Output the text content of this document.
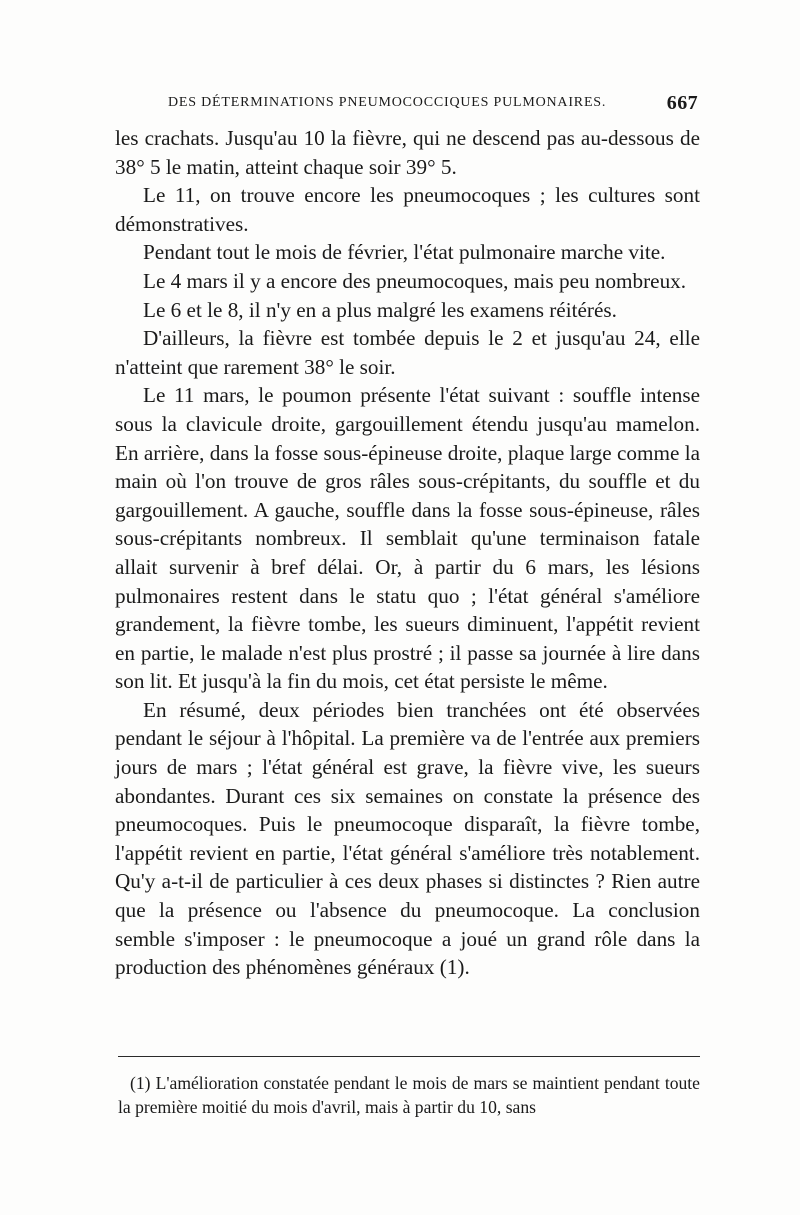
DES DÉTERMINATIONS PNEUMOCOCCIQUES PULMONAIRES.	667

les crachats. Jusqu'au 10 la fièvre, qui ne descend pas au-dessous de 38° 5 le matin, atteint chaque soir 39° 5.

Le 11, on trouve encore les pneumocoques ; les cultures sont démonstratives.

Pendant tout le mois de février, l'état pulmonaire marche vite.

Le 4 mars il y a encore des pneumocoques, mais peu nombreux.

Le 6 et le 8, il n'y en a plus malgré les examens réitérés.

D'ailleurs, la fièvre est tombée depuis le 2 et jusqu'au 24, elle n'atteint que rarement 38° le soir.

Le 11 mars, le poumon présente l'état suivant : souffle intense sous la clavicule droite, gargouillement étendu jusqu'au mamelon. En arrière, dans la fosse sous-épineuse droite, plaque large comme la main où l'on trouve de gros râles sous-crépitants, du souffle et du gargouillement. A gauche, souffle dans la fosse sous-épineuse, râles sous-crépitants nombreux. Il semblait qu'une terminaison fatale allait survenir à bref délai. Or, à partir du 6 mars, les lésions pulmonaires restent dans le statu quo ; l'état général s'améliore grandement, la fièvre tombe, les sueurs diminuent, l'appétit revient en partie, le malade n'est plus prostré ; il passe sa journée à lire dans son lit. Et jusqu'à la fin du mois, cet état persiste le même.

En résumé, deux périodes bien tranchées ont été observées pendant le séjour à l'hôpital. La première va de l'entrée aux premiers jours de mars ; l'état général est grave, la fièvre vive, les sueurs abondantes. Durant ces six semaines on constate la présence des pneumocoques. Puis le pneumocoque disparaît, la fièvre tombe, l'appétit revient en partie, l'état général s'améliore très notablement. Qu'y a-t-il de particulier à ces deux phases si distinctes ? Rien autre que la présence ou l'absence du pneumocoque. La conclusion semble s'imposer : le pneumocoque a joué un grand rôle dans la production des phénomènes généraux (1).

(1) L'amélioration constatée pendant le mois de mars se maintient pendant toute la première moitié du mois d'avril, mais à partir du 10, sans
